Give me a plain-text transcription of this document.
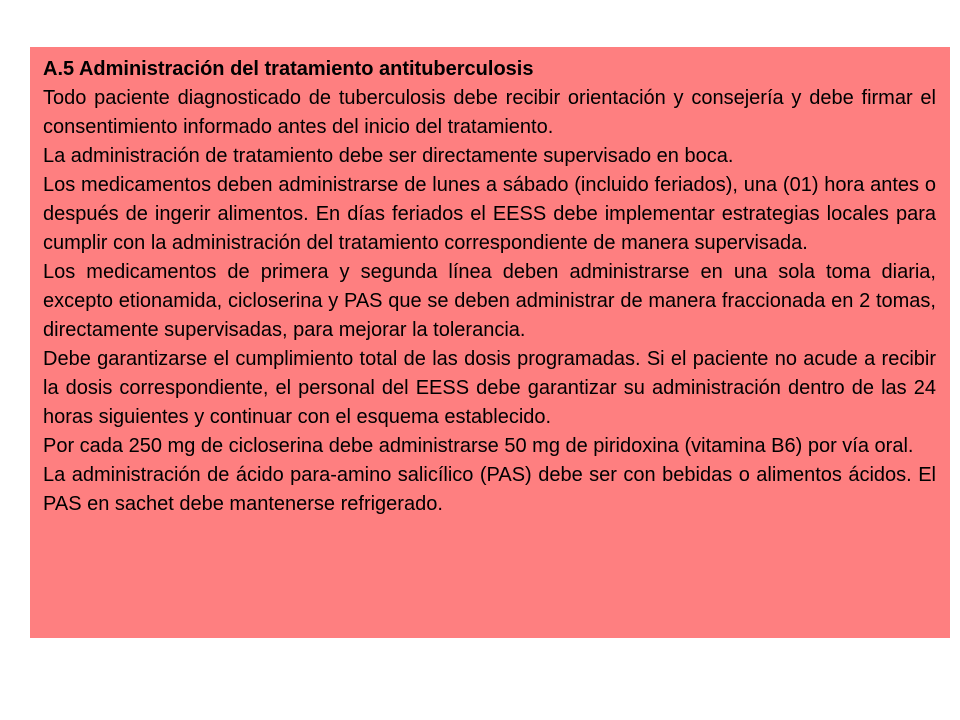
A.5 Administración del tratamiento antituberculosis

Todo paciente diagnosticado de tuberculosis debe recibir orientación y consejería y debe firmar el consentimiento informado antes del inicio del tratamiento.

La administración de tratamiento debe ser directamente supervisado en boca.

Los medicamentos deben administrarse de lunes a sábado (incluido feriados), una (01) hora antes o después de ingerir alimentos. En días feriados el EESS debe implementar estrategias locales para cumplir con la administración del tratamiento correspondiente de manera supervisada.

Los medicamentos de primera y segunda línea deben administrarse en una sola toma diaria, excepto etionamida, cicloserina y PAS que se deben administrar de manera fraccionada en 2 tomas, directamente supervisadas, para mejorar la tolerancia.

Debe garantizarse el cumplimiento total de las dosis programadas. Si el paciente no acude a recibir la dosis correspondiente, el personal del EESS debe garantizar su administración dentro de las 24 horas siguientes y continuar con el esquema establecido.

Por cada 250 mg de cicloserina debe administrarse 50 mg de piridoxina (vitamina B6) por vía oral.

La administración de ácido para-amino salicílico (PAS) debe ser con bebidas o alimentos ácidos. El PAS en sachet debe mantenerse refrigerado.
